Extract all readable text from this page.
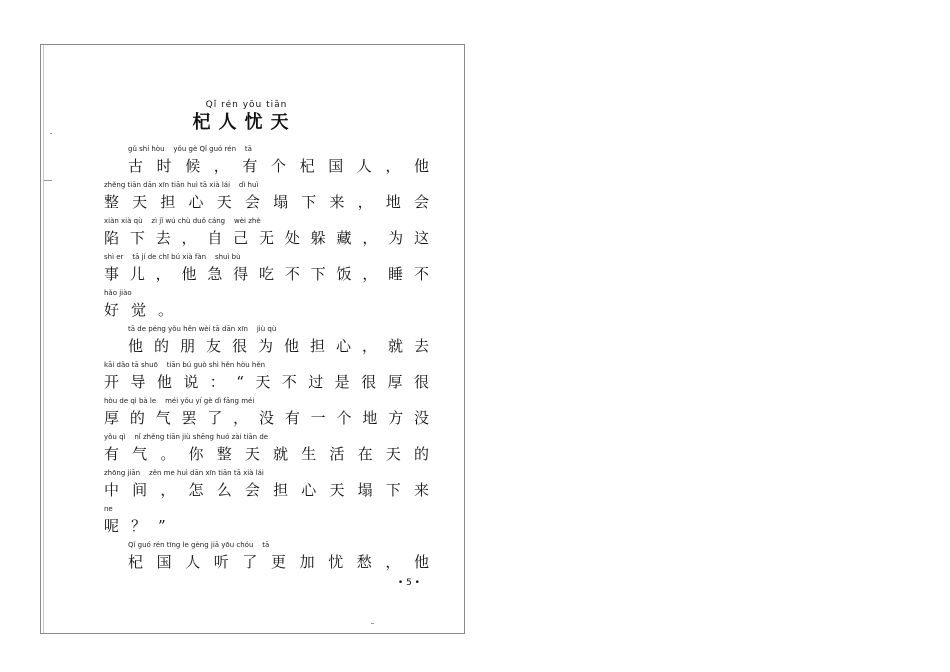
Qǐ rén yōu tiān
杞人忧天
gǔ shí hòu    yǒu gè Qǐ guó rén    tā
古时候，有个杞国人，他
zhěng tiān dān xīn tiān huì tā xià lái    dì huì
整天担心天会塌下来，地会
xiàn xià qù    zì jǐ wú chù duǒ cáng    wèi zhè
陷下去，自己无处躲藏，为这
shì er    tā jí de chī bú xià fàn    shuì bù
事儿，他急得吃不下饭，睡不
hǎo jiào
好觉。
tā de péng yǒu hěn wèi tā dān xīn    jiù qù
他的朋友很为他担心，就去
kāi dǎo tā shuō    tiān bú guò shì hěn hòu hěn
开导他说：“天不过是很厚很
hòu de qì bà le    méi yǒu yí gè dì fāng méi
厚的气罢了，没有一个地方没
yǒu qì    nǐ zhěng tiān jiù shēng huó zài tiān de
有气。你整天就生活在天的
zhōng jiān    zěn me huì dān xīn tiān tā xià lái
中间，怎么会担心天塌下来
ne
呢？”
Qǐ guó rén tīng le gèng jiā yōu chóu    tā
杞国人听了更加忧愁，他
• 5 •
